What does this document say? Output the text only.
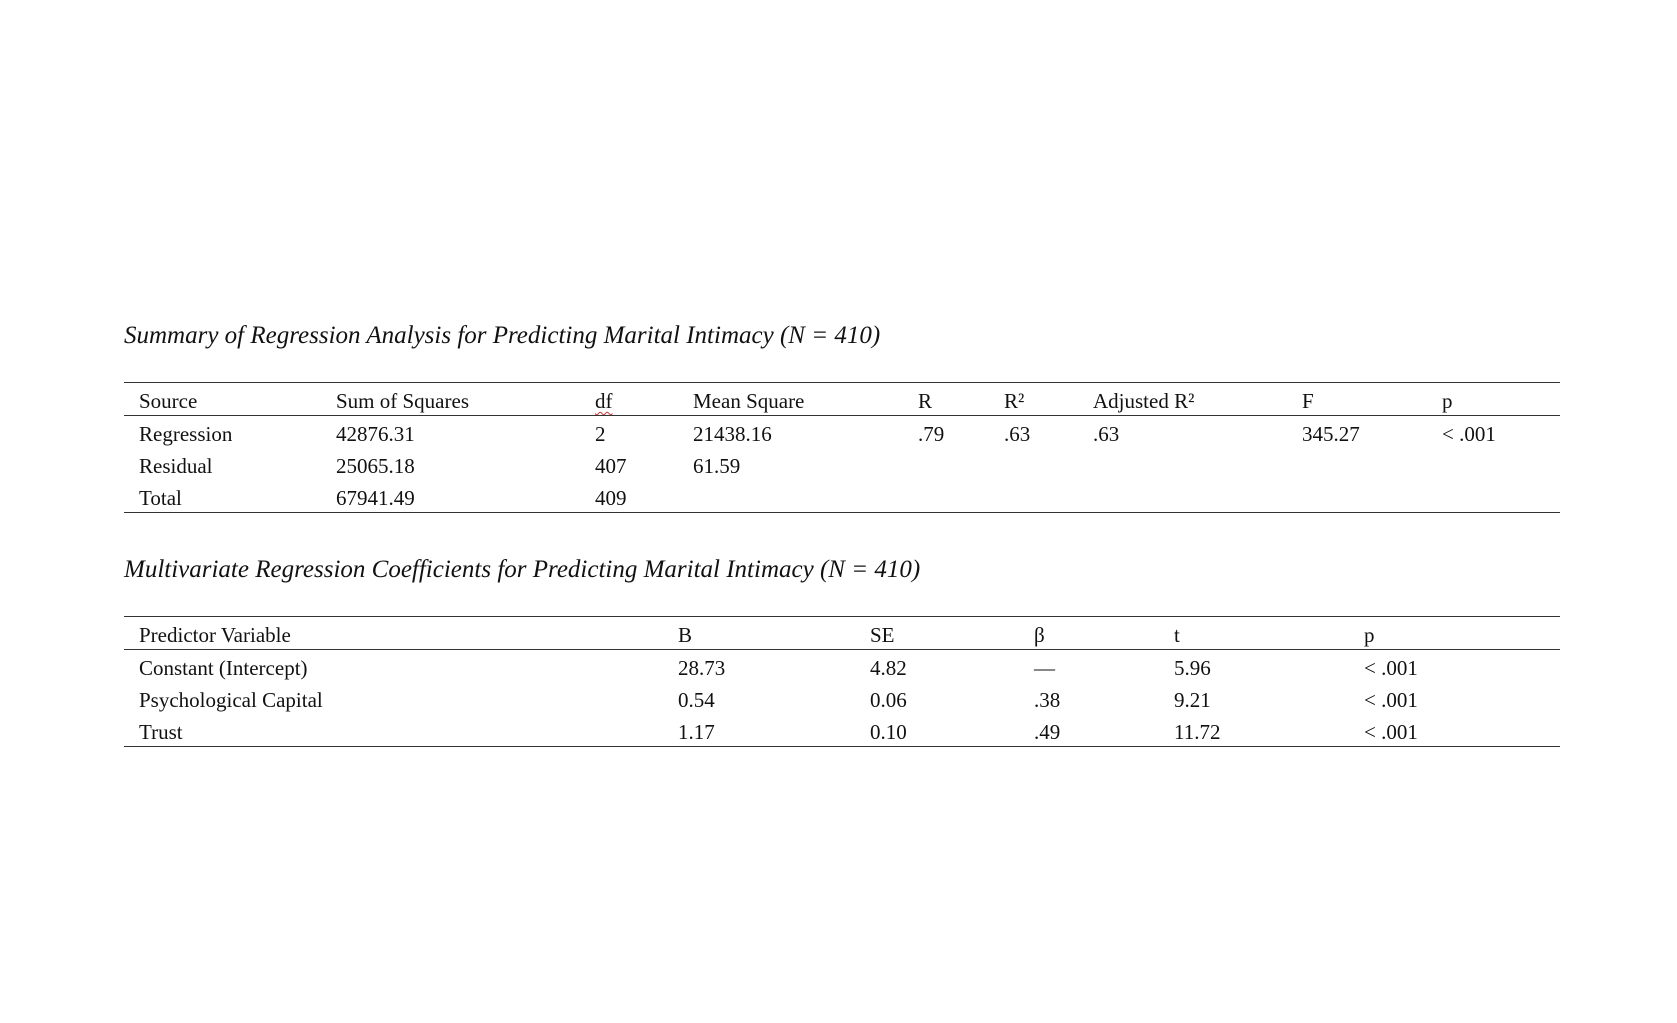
Summary of Regression Analysis for Predicting Marital Intimacy (N = 410)
Source	Sum of Squares	df	Mean Square	R	R²	Adjusted R²	F	p
Regression	42876.31	2	21438.16	.79	.63	.63	345.27	< .001
Residual	25065.18	407	61.59
Total	67941.49	409
Multivariate Regression Coefficients for Predicting Marital Intimacy (N = 410)
Predictor Variable	B	SE	β	t	p
Constant (Intercept)	28.73	4.82	—	5.96	< .001
Psychological Capital	0.54	0.06	.38	9.21	< .001
Trust	1.17	0.10	.49	11.72	< .001
